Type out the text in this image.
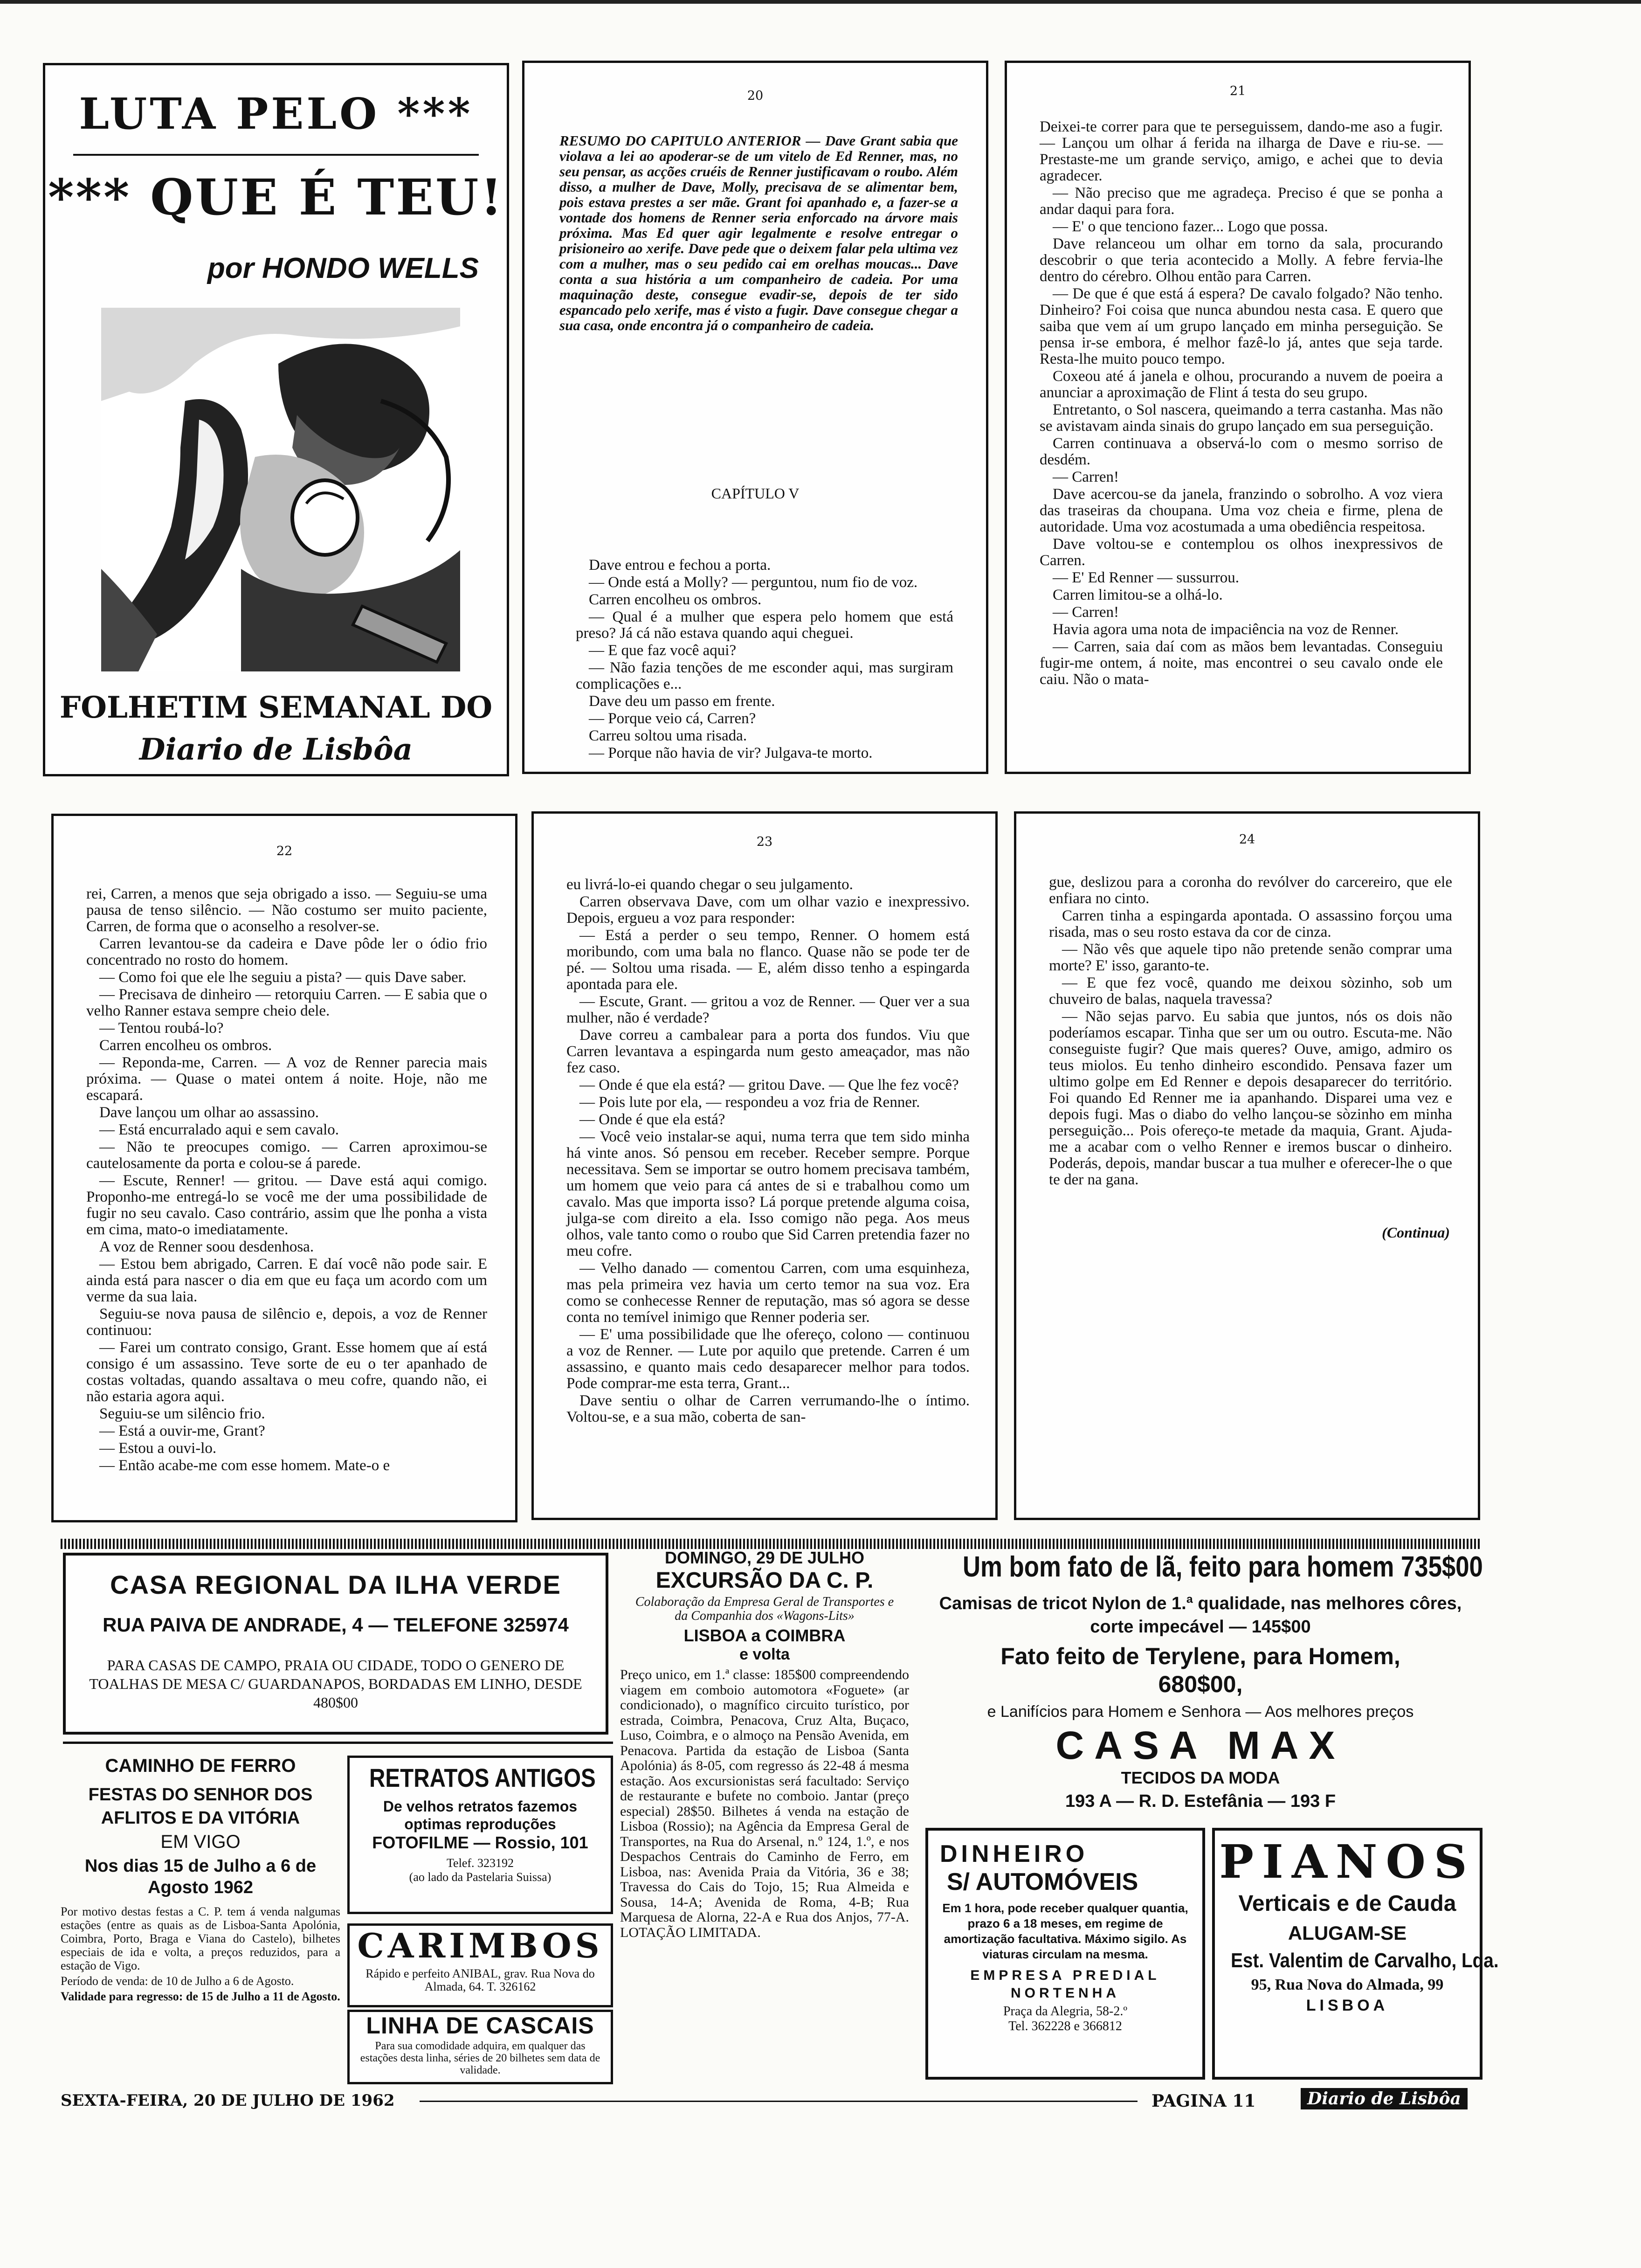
LUTA PELO ***
*** QUE É TEU!
por HONDO WELLS
FOLHETIM SEMANAL DO
Diario de Lisbôa
20
RESUMO DO CAPITULO ANTERIOR — Dave Grant sabia que violava a lei ao apoderar-se de um vitelo de Ed Renner, mas, no seu pensar, as acções cruéis de Renner justificavam o roubo. Além disso, a mulher de Dave, Molly, precisava de se alimentar bem, pois estava prestes a ser mãe. Grant foi apanhado e, a fazer-se a vontade dos homens de Renner seria enforcado na árvore mais próxima. Mas Ed quer agir legalmente e resolve entregar o prisioneiro ao xerife. Dave pede que o deixem falar pela ultima vez com a mulher, mas o seu pedido cai em orelhas moucas... Dave conta a sua história a um companheiro de cadeia. Por uma maquinação deste, consegue evadir-se, depois de ter sido espancado pelo xerife, mas é visto a fugir. Dave consegue chegar a sua casa, onde encontra já o companheiro de cadeia.
CAPÍTULO V

Dave entrou e fechou a porta.

— Onde está a Molly? — perguntou, num fio de voz.

Carren encolheu os ombros.

— Qual é a mulher que espera pelo homem que está preso? Já cá não estava quando aqui cheguei.

— E que faz você aqui?

— Não fazia tenções de me esconder aqui, mas surgiram complicações e...

Dave deu um passo em frente.

— Porque veio cá, Carren?

Carreu soltou uma risada.

— Porque não havia de vir? Julgava-te morto.

21

Deixei-te correr para que te perseguissem, dando-me aso a fugir. — Lançou um olhar á ferida na ilharga de Dave e riu-se. — Prestaste-me um grande serviço, amigo, e achei que to devia agradecer.

— Não preciso que me agradeça. Preciso é que se ponha a andar daqui para fora.

— E' o que tenciono fazer... Logo que possa.

Dave relanceou um olhar em torno da sala, procurando descobrir o que teria acontecido a Molly. A febre fervia-lhe dentro do cérebro. Olhou então para Carren.

— De que é que está á espera? De cavalo folgado? Não tenho. Dinheiro? Foi coisa que nunca abundou nesta casa. E quero que saiba que vem aí um grupo lançado em minha perseguição. Se pensa ir-se embora, é melhor fazê-lo já, antes que seja tarde. Resta-lhe muito pouco tempo.

Coxeou até á janela e olhou, procurando a nuvem de poeira a anunciar a aproximação de Flint á testa do seu grupo.

Entretanto, o Sol nascera, queimando a terra castanha. Mas não se avistavam ainda sinais do grupo lançado em sua perseguição.

Carren continuava a observá-lo com o mesmo sorriso de desdém.

— Carren!

Dave acercou-se da janela, franzindo o sobrolho. A voz viera das traseiras da choupana. Uma voz cheia e firme, plena de autoridade. Uma voz acostumada a uma obediência respeitosa.

Dave voltou-se e contemplou os olhos inexpressivos de Carren.

— E' Ed Renner — sussurrou.

Carren limitou-se a olhá-lo.

— Carren!

Havia agora uma nota de impaciência na voz de Renner.

— Carren, saia daí com as mãos bem levantadas. Conseguiu fugir-me ontem, á noite, mas encontrei o seu cavalo onde ele caiu. Não o mata-

22

rei, Carren, a menos que seja obrigado a isso. — Seguiu-se uma pausa de tenso silêncio. — Não costumo ser muito paciente, Carren, de forma que o aconselho a resolver-se.

Carren levantou-se da cadeira e Dave pôde ler o ódio frio concentrado no rosto do homem.

— Como foi que ele lhe seguiu a pista? — quis Dave saber.

— Precisava de dinheiro — retorquiu Carren. — E sabia que o velho Ranner estava sempre cheio dele.

— Tentou roubá-lo?

Carren encolheu os ombros.

— Reponda-me, Carren. — A voz de Renner parecia mais próxima. — Quase o matei ontem á noite. Hoje, não me escapará.

Dave lançou um olhar ao assassino.

— Está encurralado aqui e sem cavalo.

— Não te preocupes comigo. — Carren aproximou-se cautelosamente da porta e colou-se á parede.

— Escute, Renner! — gritou. — Dave está aqui comigo. Proponho-me entregá-lo se você me der uma possibilidade de fugir no seu cavalo. Caso contrário, assim que lhe ponha a vista em cima, mato-o imediatamente.

A voz de Renner soou desdenhosa.

— Estou bem abrigado, Carren. E daí você não pode sair. E ainda está para nascer o dia em que eu faça um acordo com um verme da sua laia.

Seguiu-se nova pausa de silêncio e, depois, a voz de Renner continuou:

— Farei um contrato consigo, Grant. Esse homem que aí está consigo é um assassino. Teve sorte de eu o ter apanhado de costas voltadas, quando assaltava o meu cofre, quando não, ei não estaria agora aqui.

Seguiu-se um silêncio frio.

— Está a ouvir-me, Grant?

— Estou a ouvi-lo.

— Então acabe-me com esse homem. Mate-o e

23

eu livrá-lo-ei quando chegar o seu julgamento.

Carren observava Dave, com um olhar vazio e inexpressivo. Depois, ergueu a voz para responder:

— Está a perder o seu tempo, Renner. O homem está moribundo, com uma bala no flanco. Quase não se pode ter de pé. — Soltou uma risada. — E, além disso tenho a espingarda apontada para ele.

— Escute, Grant. — gritou a voz de Renner. — Quer ver a sua mulher, não é verdade?

Dave correu a cambalear para a porta dos fundos. Viu que Carren levantava a espingarda num gesto ameaçador, mas não fez caso.

— Onde é que ela está? — gritou Dave. — Que lhe fez você?

— Pois lute por ela, — respondeu a voz fria de Renner.

— Onde é que ela está?

— Você veio instalar-se aqui, numa terra que tem sido minha há vinte anos. Só pensou em receber. Receber sempre. Porque necessitava. Sem se importar se outro homem precisava também, um homem que veio para cá antes de si e trabalhou como um cavalo. Mas que importa isso? Lá porque pretende alguma coisa, julga-se com direito a ela. Isso comigo não pega. Aos meus olhos, vale tanto como o roubo que Sid Carren pretendia fazer no meu cofre.

— Velho danado — comentou Carren, com uma esquinheza, mas pela primeira vez havia um certo temor na sua voz. Era como se conhecesse Renner de reputação, mas só agora se desse conta no temível inimigo que Renner poderia ser.

— E' uma possibilidade que lhe ofereço, colono — continuou a voz de Renner. — Lute por aquilo que pretende. Carren é um assassino, e quanto mais cedo desaparecer melhor para todos. Pode comprar-me esta terra, Grant...

Dave sentiu o olhar de Carren verrumando-lhe o íntimo. Voltou-se, e a sua mão, coberta de san-

24

gue, deslizou para a coronha do revólver do carcereiro, que ele enfiara no cinto.

Carren tinha a espingarda apontada. O assassino forçou uma risada, mas o seu rosto estava da cor de cinza.

— Não vês que aquele tipo não pretende senão comprar uma morte? E' isso, garanto-te.

— E que fez você, quando me deixou sòzinho, sob um chuveiro de balas, naquela travessa?

— Não sejas parvo. Eu sabia que juntos, nós os dois não poderíamos escapar. Tinha que ser um ou outro. Escuta-me. Não conseguiste fugir? Que mais queres? Ouve, amigo, admiro os teus miolos. Eu tenho dinheiro escondido. Pensava fazer um ultimo golpe em Ed Renner e depois desaparecer do território. Foi quando Ed Renner me ia apanhando. Disparei uma vez e depois fugi. Mas o diabo do velho lançou-se sòzinho em minha perseguição... Pois ofereço-te metade da maquia, Grant. Ajuda-me a acabar com o velho Renner e iremos buscar o dinheiro. Poderás, depois, mandar buscar a tua mulher e oferecer-lhe o que te der na gana.

(Continua)
CASA REGIONAL DA ILHA VERDE
RUA PAIVA DE ANDRADE, 4 — TELEFONE 325974
PARA CASAS DE CAMPO, PRAIA OU CIDADE, TODO O GENERO DE TOALHAS DE MESA C/ GUARDANAPOS, BORDADAS EM LINHO, DESDE 480$00
DOMINGO, 29 DE JULHO
EXCURSÃO DA C. P.
Colaboração da Empresa Geral de Transportes e da Companhia dos «Wagons-Lits»
LISBOA a COIMBRA
e volta
Preço unico, em 1.ª classe: 185$00 compreendendo viagem em comboio automotora «Foguete» (ar condicionado), o magnífico circuito turístico, por estrada, Coimbra, Penacova, Cruz Alta, Buçaco, Luso, Coimbra, e o almoço na Pensão Avenida, em Penacova. Partida da estação de Lisboa (Santa Apolónia) ás 8-05, com regresso ás 22-48 á mesma estação. Aos excursionistas será facultado: Serviço de restaurante e bufete no comboio. Jantar (preço especial) 28$50. Bilhetes á venda na estação de Lisboa (Rossio); na Agência da Empresa Geral de Transportes, na Rua do Arsenal, n.º 124, 1.º, e nos Despachos Centrais do Caminho de Ferro, em Lisboa, nas: Avenida Praia da Vitória, 36 e 38; Travessa do Cais do Tojo, 15; Rua Almeida e Sousa, 14-A; Avenida de Roma, 4-B; Rua Marquesa de Alorna, 22-A e Rua dos Anjos, 77-A. LOTAÇÃO LIMITADA.
Um bom fato de lã, feito para homem 735$00
Camisas de tricot Nylon de 1.ª qualidade, nas melhores côres, corte impecável — 145$00
Fato feito de Terylene, para Homem, 680$00,
e Lanifícios para Homem e Senhora — Aos melhores preços
CASA MAX
TECIDOS DA MODA
193 A — R. D. Estefânia — 193 F
CAMINHO DE FERRO
FESTAS DO SENHOR DOS AFLITOS E DA VITÓRIA
EM VIGO
Nos dias 15 de Julho a 6 de Agosto 1962
Por motivo destas festas a C. P. tem á venda nalgumas estações (entre as quais as de Lisboa-Santa Apolónia, Coimbra, Porto, Braga e Viana do Castelo), bilhetes especiais de ida e volta, a preços reduzidos, para a estação de Vigo.
Período de venda: de 10 de Julho a 6 de Agosto.
Validade para regresso: de 15 de Julho a 11 de Agosto.
RETRATOS ANTIGOS
De velhos retratos fazemos optimas reproduções
FOTOFILME — Rossio, 101
Telef. 323192
(ao lado da Pastelaria Suissa)
CARIMBOS
Rápido e perfeito ANIBAL, grav. Rua Nova do Almada, 64. T. 326162
LINHA DE CASCAIS
Para sua comodidade adquira, em qualquer das estações desta linha, séries de 20 bilhetes sem data de validade.
DINHEIRO
S/ AUTOMÓVEIS
Em 1 hora, pode receber qualquer quantia, prazo 6 a 18 meses, em regime de amortização facultativa. Máximo sigilo. As viaturas circulam na mesma.
EMPRESA PREDIAL NORTENHA
Praça da Alegria, 58-2.º
Tel. 362228 e 366812
PIANOS
Verticais e de Cauda
ALUGAM-SE
Est. Valentim de Carvalho, Lda.
95, Rua Nova do Almada, 99
LISBOA
SEXTA-FEIRA, 20 DE JULHO DE 1962	PAGINA 11	Diario de Lisbôa
